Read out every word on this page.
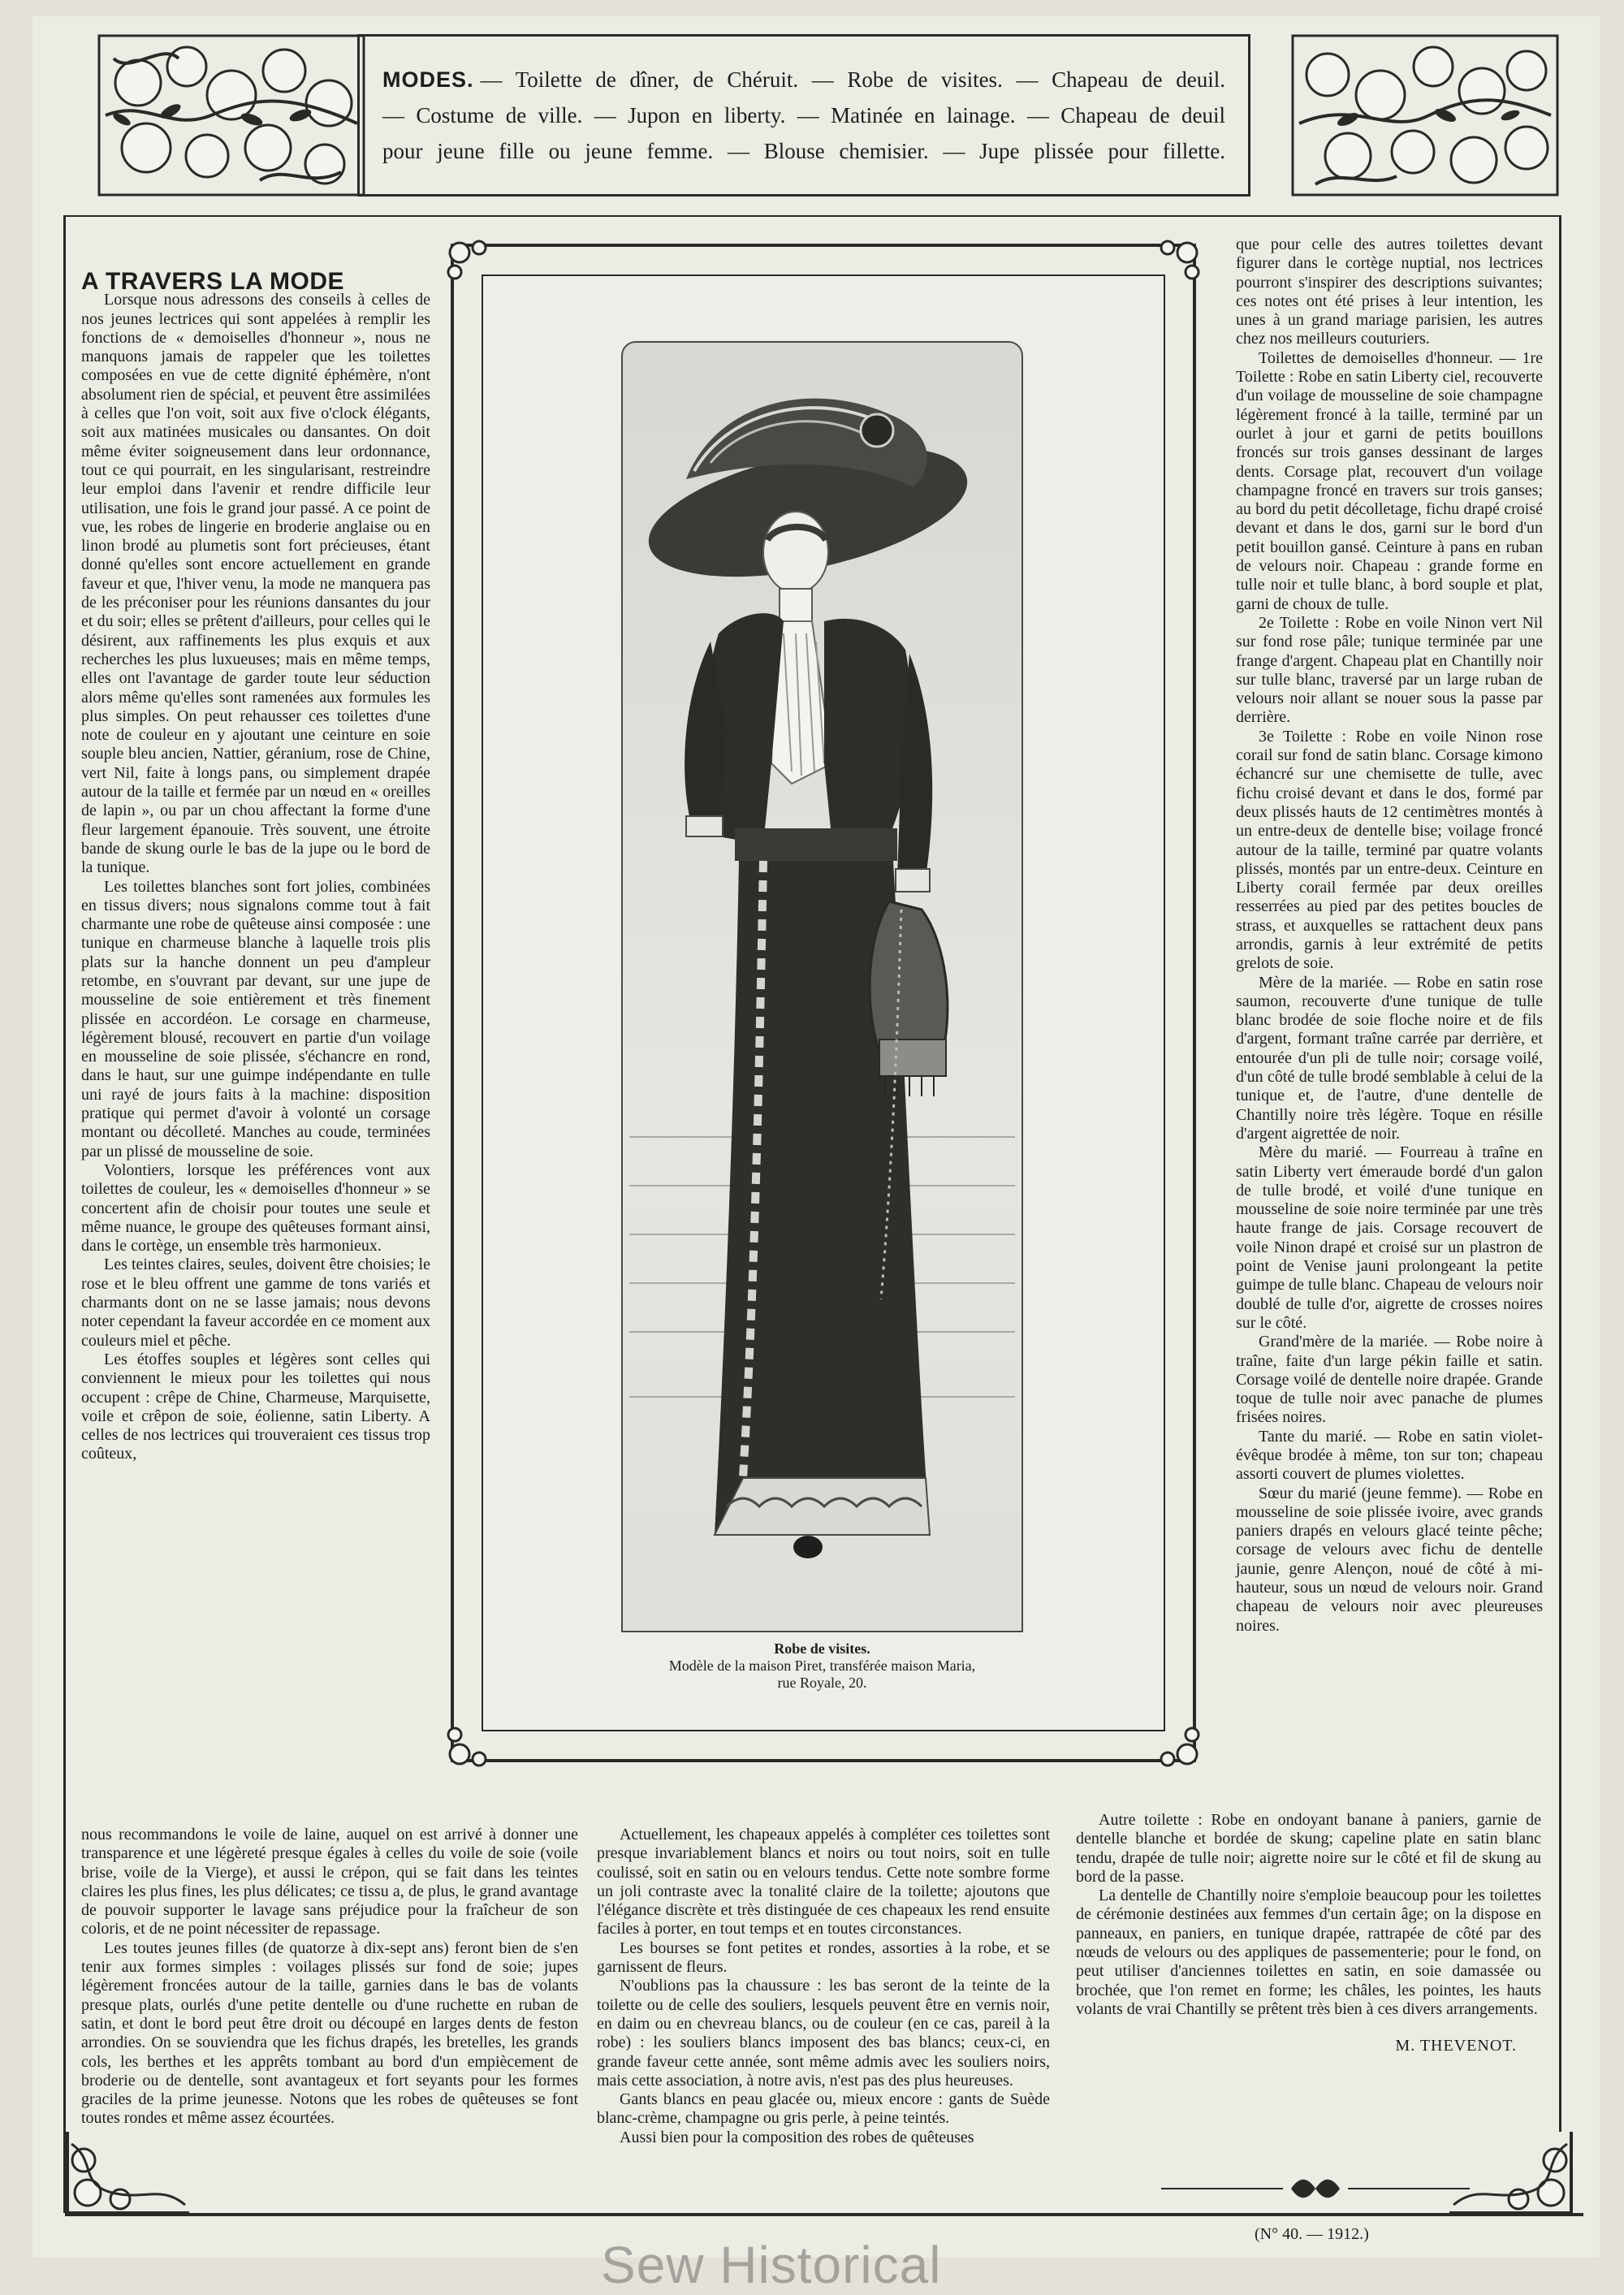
MODES. — Toilette de dîner, de Chéruit. — Robe de visites. — Chapeau de deuil.
— Costume de ville. — Jupon en liberty. — Matinée en lainage. — Chapeau de deuil
pour jeune fille ou jeune femme. — Blouse chemisier. — Jupe plissée pour fillette.

A TRAVERS LA MODE

Lorsque nous adressons des conseils à celles de nos jeunes lectrices qui sont appelées à remplir les fonctions de « demoiselles d'honneur », nous ne manquons jamais de rappeler que les toilettes composées en vue de cette dignité éphémère, n'ont absolument rien de spécial, et peuvent être assimilées à celles que l'on voit, soit aux five o'clock élégants, soit aux matinées musicales ou dansantes. On doit même éviter soigneusement dans leur ordonnance, tout ce qui pourrait, en les singularisant, restreindre leur emploi dans l'avenir et rendre difficile leur utilisation, une fois le grand jour passé. A ce point de vue, les robes de lingerie en broderie anglaise ou en linon brodé au plumetis sont fort précieuses, étant donné qu'elles sont encore actuellement en grande faveur et que, l'hiver venu, la mode ne manquera pas de les préconiser pour les réunions dansantes du jour et du soir; elles se prêtent d'ailleurs, pour celles qui le désirent, aux raffinements les plus exquis et aux recherches les plus luxueuses; mais en même temps, elles ont l'avantage de garder toute leur séduction alors même qu'elles sont ramenées aux formules les plus simples. On peut rehausser ces toilettes d'une note de couleur en y ajoutant une ceinture en soie souple bleu ancien, Nattier, géranium, rose de Chine, vert Nil, faite à longs pans, ou simplement drapée autour de la taille et fermée par un nœud en « oreilles de lapin », ou par un chou affectant la forme d'une fleur largement épanouie. Très souvent, une étroite bande de skung ourle le bas de la jupe ou le bord de la tunique.

Les toilettes blanches sont fort jolies, combinées en tissus divers; nous signalons comme tout à fait charmante une robe de quêteuse ainsi composée : une tunique en charmeuse blanche à laquelle trois plis plats sur la hanche donnent un peu d'ampleur retombe, en s'ouvrant par devant, sur une jupe de mousseline de soie entièrement et très finement plissée en accordéon. Le corsage en charmeuse, légèrement blousé, recouvert en partie d'un voilage en mousseline de soie plissée, s'échancre en rond, dans le haut, sur une guimpe indépendante en tulle uni rayé de jours faits à la machine: disposition pratique qui permet d'avoir à volonté un corsage montant ou décolleté. Manches au coude, terminées par un plissé de mousseline de soie.

Volontiers, lorsque les préférences vont aux toilettes de couleur, les « demoiselles d'honneur » se concertent afin de choisir pour toutes une seule et même nuance, le groupe des quêteuses formant ainsi, dans le cortège, un ensemble très harmonieux.

Les teintes claires, seules, doivent être choisies; le rose et le bleu offrent une gamme de tons variés et charmants dont on ne se lasse jamais; nous devons noter cependant la faveur accordée en ce moment aux couleurs miel et pêche.

Les étoffes souples et légères sont celles qui conviennent le mieux pour les toilettes qui nous occupent : crêpe de Chine, Charmeuse, Marquisette, voile et crêpon de soie, éolienne, satin Liberty. A celles de nos lectrices qui trouveraient ces tissus trop coûteux,

Robe de visites.
Modèle de la maison Piret, transférée maison Maria,
rue Royale, 20.

que pour celle des autres toilettes devant figurer dans le cortège nuptial, nos lectrices pourront s'inspirer des descriptions suivantes; ces notes ont été prises à leur intention, les unes à un grand mariage parisien, les autres chez nos meilleurs couturiers.

Toilettes de demoiselles d'honneur. — 1re Toilette : Robe en satin Liberty ciel, recouverte d'un voilage de mousseline de soie champagne légèrement froncé à la taille, terminé par un ourlet à jour et garni de petits bouillons froncés sur trois ganses dessinant de larges dents. Corsage plat, recouvert d'un voilage champagne froncé en travers sur trois ganses; au bord du petit décolletage, fichu drapé croisé devant et dans le dos, garni sur le bord d'un petit bouillon gansé. Ceinture à pans en ruban de velours noir. Chapeau : grande forme en tulle noir et tulle blanc, à bord souple et plat, garni de choux de tulle.

2e Toilette : Robe en voile Ninon vert Nil sur fond rose pâle; tunique terminée par une frange d'argent. Chapeau plat en Chantilly noir sur tulle blanc, traversé par un large ruban de velours noir allant se nouer sous la passe par derrière.

3e Toilette : Robe en voile Ninon rose corail sur fond de satin blanc. Corsage kimono échancré sur une chemisette de tulle, avec fichu croisé devant et dans le dos, formé par deux plissés hauts de 12 centimètres montés à un entre-deux de dentelle bise; voilage froncé autour de la taille, terminé par quatre volants plissés, montés par un entre-deux. Ceinture en Liberty corail fermée par deux oreilles resserrées au pied par des petites boucles de strass, et auxquelles se rattachent deux pans arrondis, garnis à leur extrémité de petits grelots de soie.

Mère de la mariée. — Robe en satin rose saumon, recouverte d'une tunique de tulle blanc brodée de soie floche noire et de fils d'argent, formant traîne carrée par derrière, et entourée d'un pli de tulle noir; corsage voilé, d'un côté de tulle brodé semblable à celui de la tunique et, de l'autre, d'une dentelle de Chantilly noire très légère. Toque en résille d'argent aigrettée de noir.

Mère du marié. — Fourreau à traîne en satin Liberty vert émeraude bordé d'un galon de tulle brodé, et voilé d'une tunique en mousseline de soie noire terminée par une très haute frange de jais. Corsage recouvert de voile Ninon drapé et croisé sur un plastron de point de Venise jauni prolongeant la petite guimpe de tulle blanc. Chapeau de velours noir doublé de tulle d'or, aigrette de crosses noires sur le côté.

Grand'mère de la mariée. — Robe noire à traîne, faite d'un large pékin faille et satin. Corsage voilé de dentelle noire drapée. Grande toque de tulle noir avec panache de plumes frisées noires.

Tante du marié. — Robe en satin violet-évêque brodée à même, ton sur ton; chapeau assorti couvert de plumes violettes.

Sœur du marié (jeune femme). — Robe en mousseline de soie plissée ivoire, avec grands paniers drapés en velours glacé teinte pêche; corsage de velours avec fichu de dentelle jaunie, genre Alençon, noué de côté à mi-hauteur, sous un nœud de velours noir. Grand chapeau de velours noir avec pleureuses noires.

nous recommandons le voile de laine, auquel on est arrivé à donner une transparence et une légèreté presque égales à celles du voile de soie (voile brise, voile de la Vierge), et aussi le crépon, qui se fait dans les teintes claires les plus fines, les plus délicates; ce tissu a, de plus, le grand avantage de pouvoir supporter le lavage sans préjudice pour la fraîcheur de son coloris, et de ne point nécessiter de repassage.

Les toutes jeunes filles (de quatorze à dix-sept ans) feront bien de s'en tenir aux formes simples : voilages plissés sur fond de soie; jupes légèrement froncées autour de la taille, garnies dans le bas de volants presque plats, ourlés d'une petite dentelle ou d'une ruchette en ruban de satin, et dont le bord peut être droit ou découpé en larges dents de feston arrondies. On se souviendra que les fichus drapés, les bretelles, les grands cols, les berthes et les apprêts tombant au bord d'un empiècement de broderie ou de dentelle, sont avantageux et fort seyants pour les formes graciles de la prime jeunesse. Notons que les robes de quêteuses se font toutes rondes et même assez écourtées.

Actuellement, les chapeaux appelés à compléter ces toilettes sont presque invariablement blancs et noirs ou tout noirs, soit en tulle coulissé, soit en satin ou en velours tendus. Cette note sombre forme un joli contraste avec la tonalité claire de la toilette; ajoutons que l'élégance discrète et très distinguée de ces chapeaux les rend ensuite faciles à porter, en tout temps et en toutes circonstances.

Les bourses se font petites et rondes, assorties à la robe, et se garnissent de fleurs.

N'oublions pas la chaussure : les bas seront de la teinte de la toilette ou de celle des souliers, lesquels peuvent être en vernis noir, en daim ou en chevreau blancs, ou de couleur (en ce cas, pareil à la robe) : les souliers blancs imposent des bas blancs; ceux-ci, en grande faveur cette année, sont même admis avec les souliers noirs, mais cette association, à notre avis, n'est pas des plus heureuses.

Gants blancs en peau glacée ou, mieux encore : gants de Suède blanc-crème, champagne ou gris perle, à peine teintés.

Aussi bien pour la composition des robes de quêteuses

Autre toilette : Robe en ondoyant banane à paniers, garnie de dentelle blanche et bordée de skung; capeline plate en satin blanc tendu, drapée de tulle noir; aigrette noire sur le côté et fil de skung au bord de la passe.

La dentelle de Chantilly noire s'emploie beaucoup pour les toilettes de cérémonie destinées aux femmes d'un certain âge; on la dispose en panneaux, en paniers, en tunique drapée, rattrapée de côté par des nœuds de velours ou des appliques de passementerie; pour le fond, on peut utiliser d'anciennes toilettes en satin, en soie damassée ou brochée, que l'on remet en forme; les châles, les pointes, les hauts volants de vrai Chantilly se prêtent très bien à ces divers arrangements.

M. THEVENOT.

(N° 40. — 1912.)
Sew Historical
